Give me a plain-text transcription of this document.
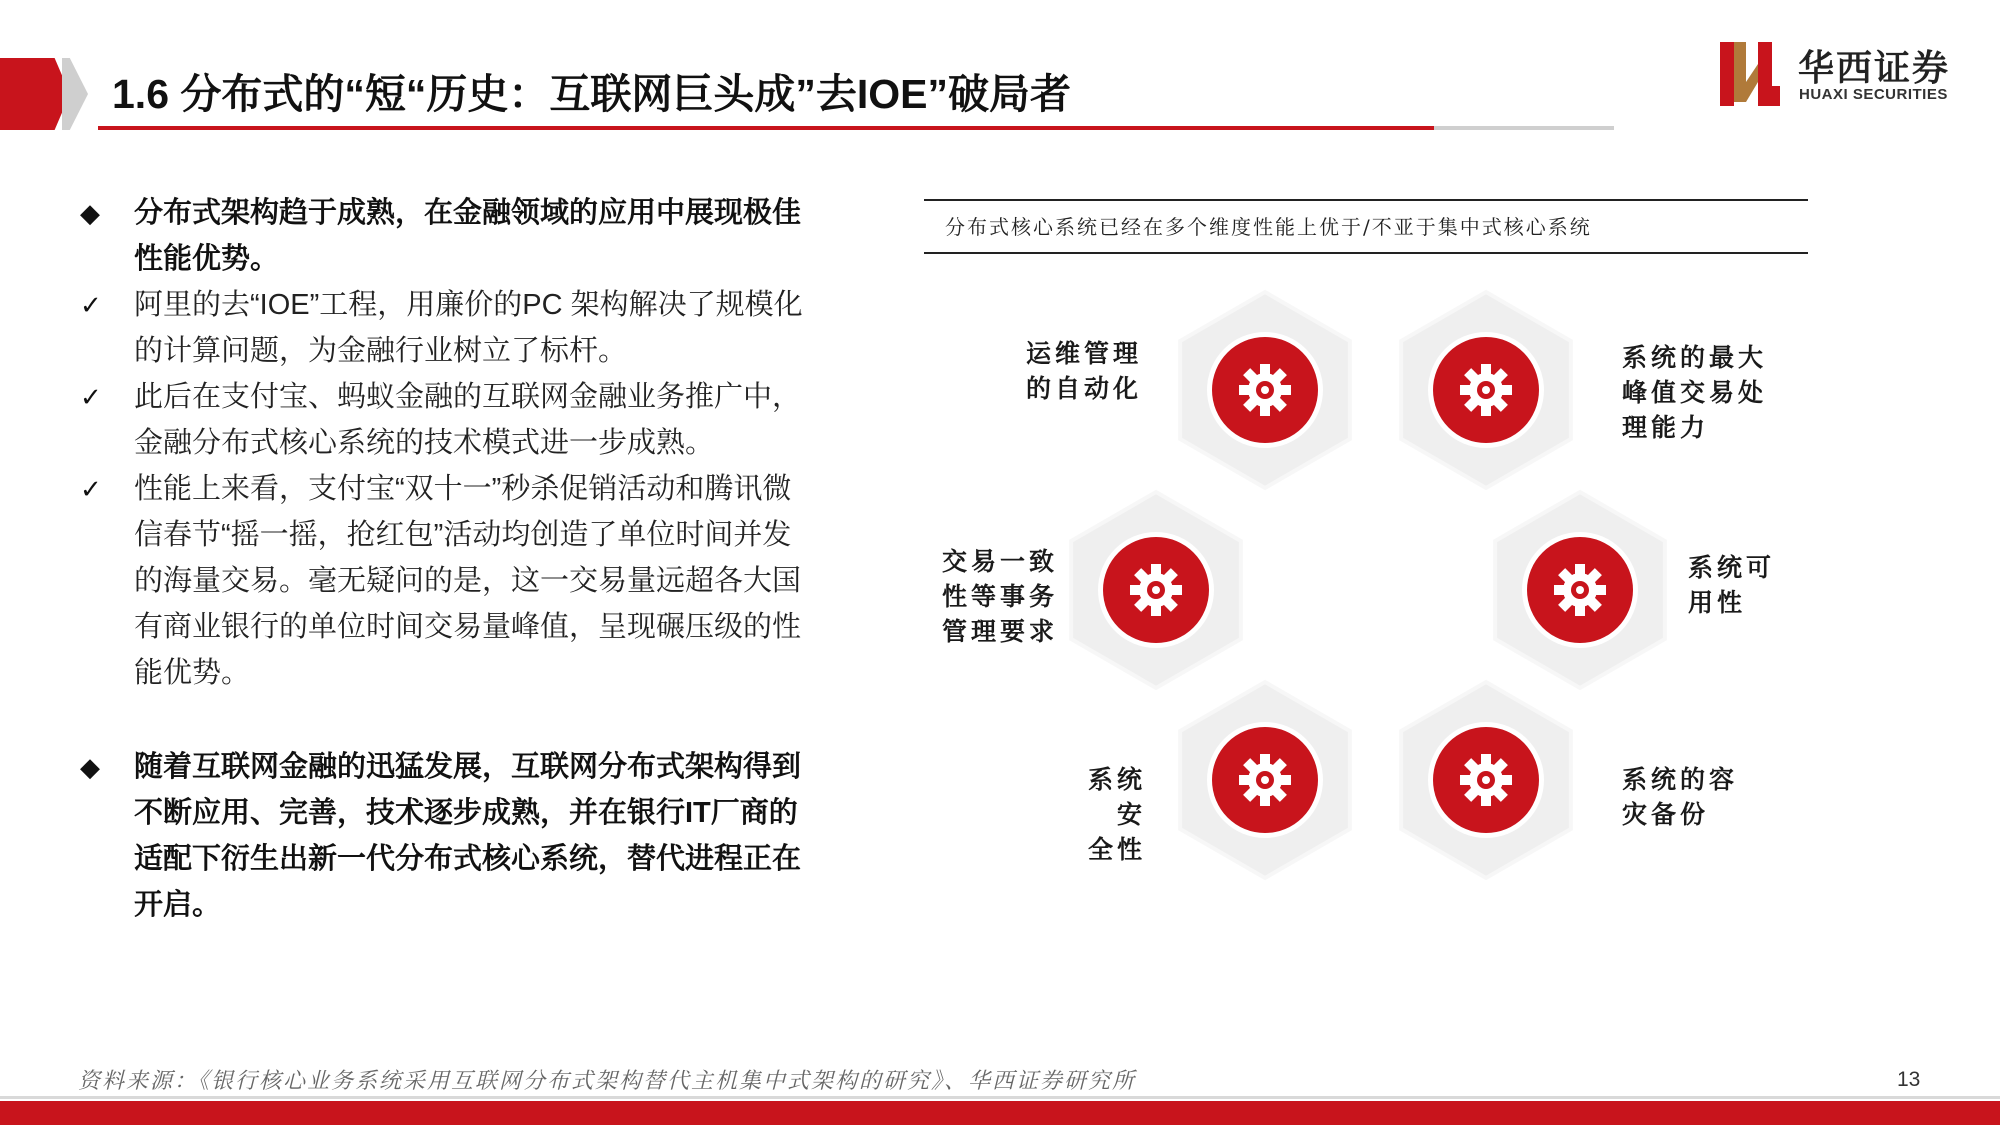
1.6 分布式的“短“历史：互联网巨头成”去IOE”破局者
华西证券
HUAXI SECURITIES
◆	分布式架构趋于成熟，在金融领域的应用中展现极佳性能优势。
✓	阿里的去“IOE”工程，用廉价的PC 架构解决了规模化的计算问题，为金融行业树立了标杆。
✓	此后在支付宝、蚂蚁金融的互联网金融业务推广中，金融分布式核心系统的技术模式进一步成熟。
✓	性能上来看，支付宝“双十一”秒杀促销活动和腾讯微信春节“摇一摇，抢红包”活动均创造了单位时间并发的海量交易。毫无疑问的是，这一交易量远超各大国有商业银行的单位时间交易量峰值，呈现碾压级的性能优势。
◆	随着互联网金融的迅猛发展，互联网分布式架构得到不断应用、完善，技术逐步成熟，并在银行IT厂商的适配下衍生出新一代分布式核心系统，替代进程正在开启。
分布式核心系统已经在多个维度性能上优于/不亚于集中式核心系统
运维管理
的自动化
系统的最大
峰值交易处
理能力
交易一致
性等事务
管理要求
系统可
用性
系统安
全性
系统的容
灾备份
资料来源：《银行核心业务系统采用互联网分布式架构替代主机集中式架构的研究》、华西证券研究所	13
